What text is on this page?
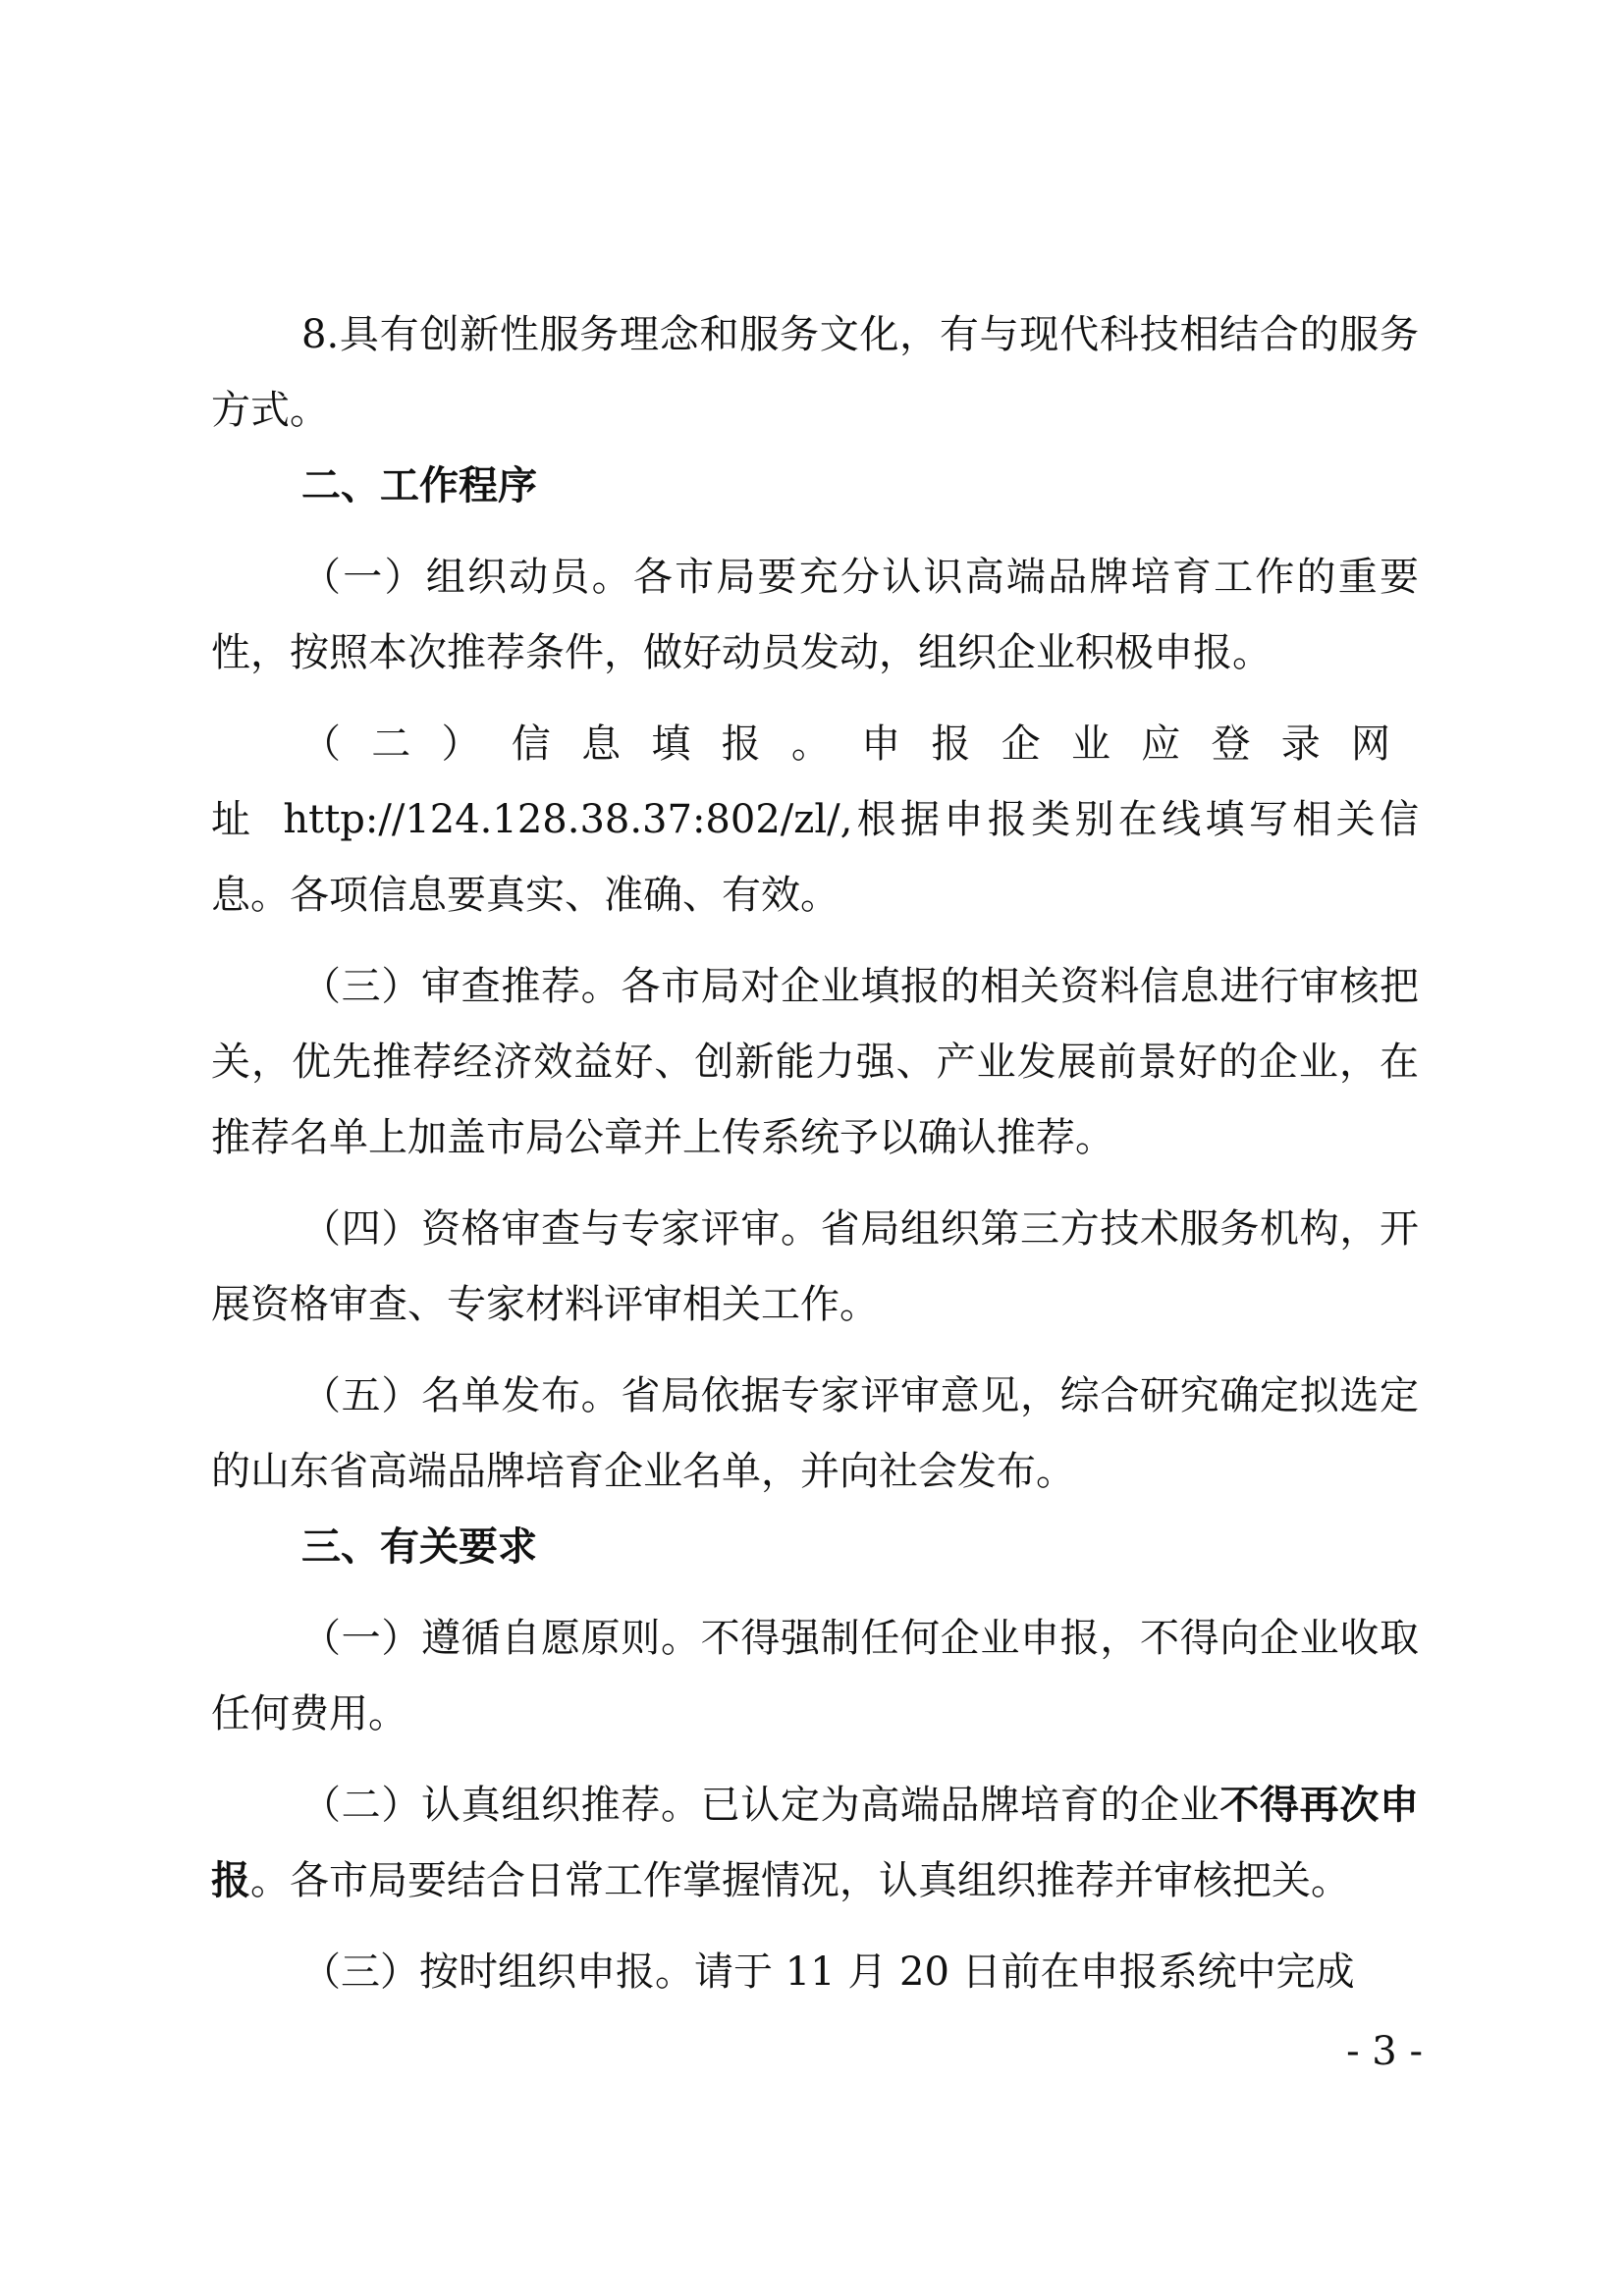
8.具有创新性服务理念和服务文化，有与现代科技相结合的服务方式。

二、工作程序

（一）组织动员。各市局要充分认识高端品牌培育工作的重要性，按照本次推荐条件，做好动员发动，组织企业积极申报。

（二）信息填报。申报企业应登录网址http://124.128.38.37:802/zl/,根据申报类别在线填写相关信息。各项信息要真实、准确、有效。

（三）审查推荐。各市局对企业填报的相关资料信息进行审核把关，优先推荐经济效益好、创新能力强、产业发展前景好的企业，在推荐名单上加盖市局公章并上传系统予以确认推荐。

（四）资格审查与专家评审。省局组织第三方技术服务机构，开展资格审查、专家材料评审相关工作。

（五）名单发布。省局依据专家评审意见，综合研究确定拟选定的山东省高端品牌培育企业名单，并向社会发布。

三、有关要求

（一）遵循自愿原则。不得强制任何企业申报，不得向企业收取任何费用。

（二）认真组织推荐。已认定为高端品牌培育的企业不得再次申报。各市局要结合日常工作掌握情况，认真组织推荐并审核把关。

（三）按时组织申报。请于 11 月 20 日前在申报系统中完成

- 3 -
